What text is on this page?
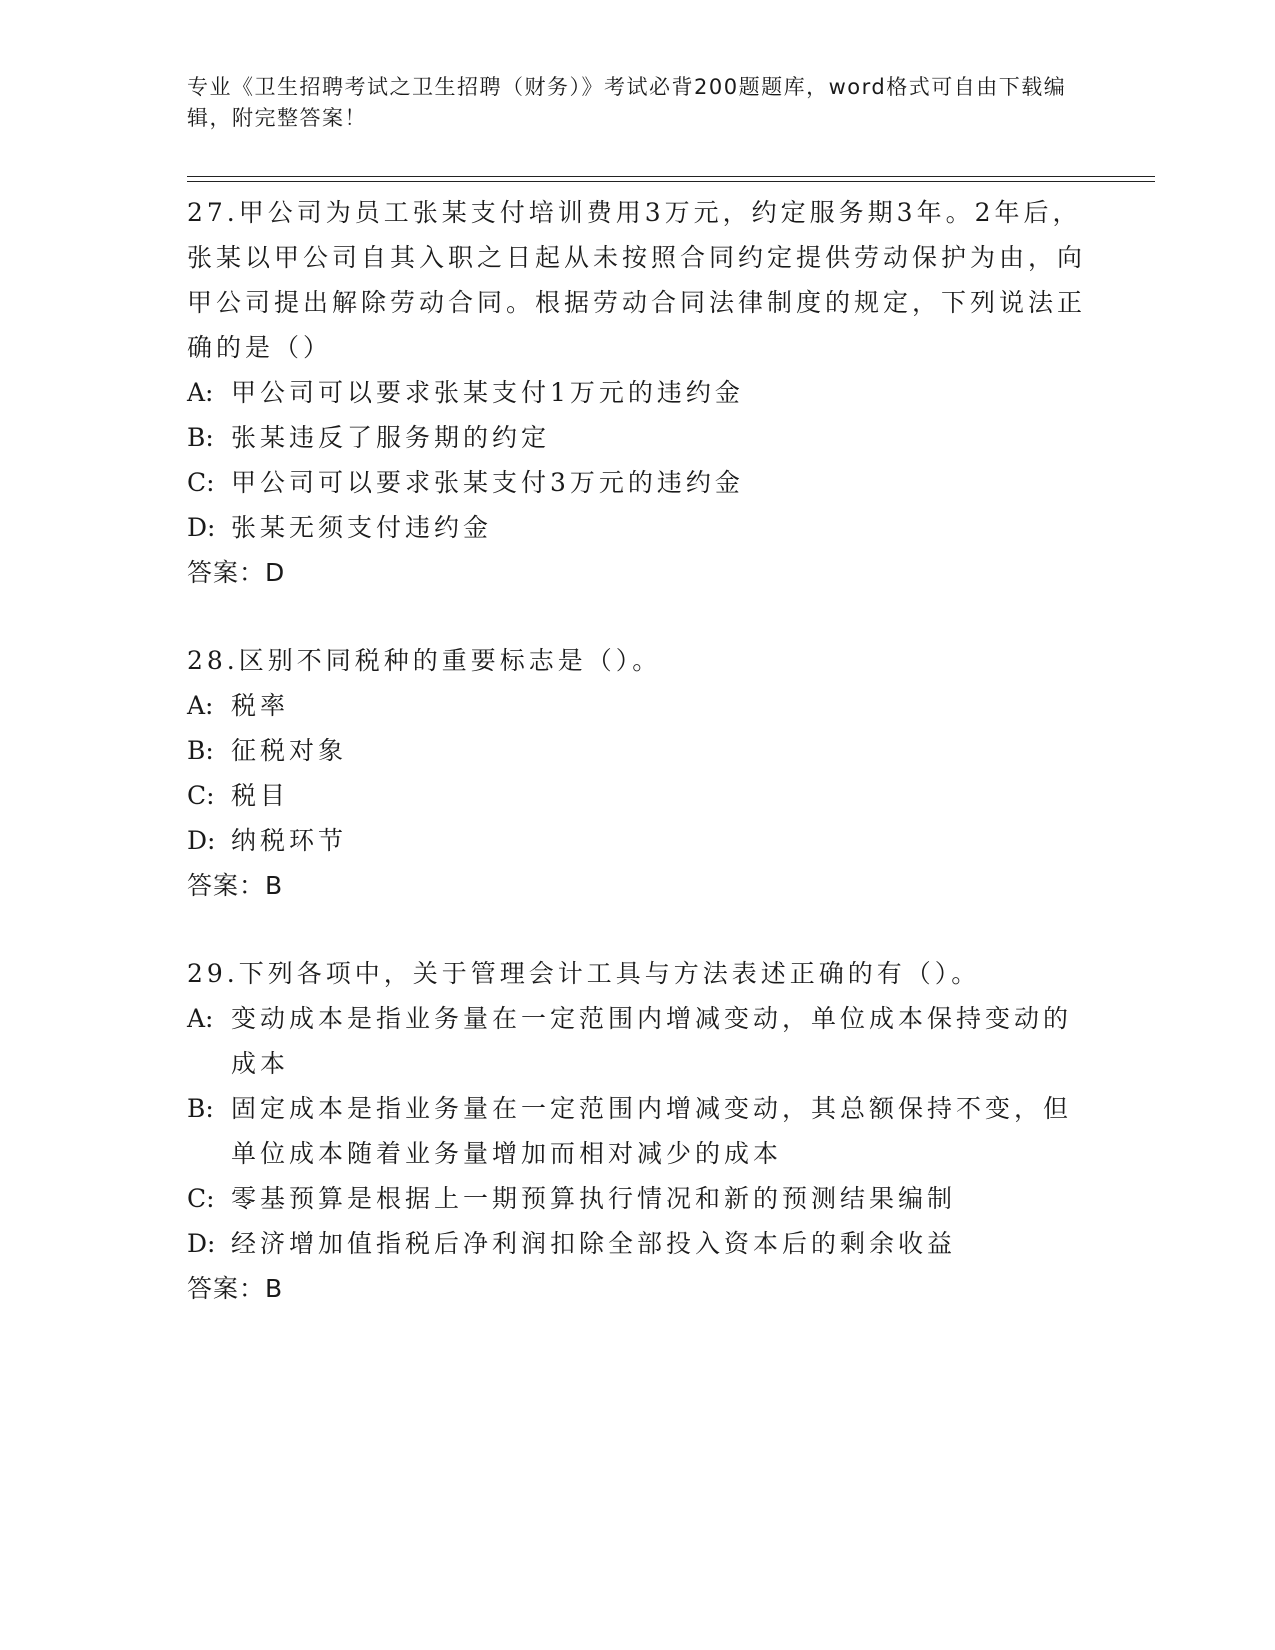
专业《卫生招聘考试之卫生招聘（财务）》考试必背200题题库，word格式可自由下载编辑，附完整答案！
27.甲公司为员工张某支付培训费用3万元，约定服务期3年。2年后，张某以甲公司自其入职之日起从未按照合同约定提供劳动保护为由，向甲公司提出解除劳动合同。根据劳动合同法律制度的规定，下列说法正确的是（）
A: 甲公司可以要求张某支付1万元的违约金
B: 张某违反了服务期的约定
C: 甲公司可以要求张某支付3万元的违约金
D: 张某无须支付违约金
答案：D
28.区别不同税种的重要标志是（）。
A: 税率
B: 征税对象
C: 税目
D: 纳税环节
答案：B
29.下列各项中，关于管理会计工具与方法表述正确的有（）。
A: 变动成本是指业务量在一定范围内增减变动，单位成本保持变动的成本
B: 固定成本是指业务量在一定范围内增减变动，其总额保持不变，但单位成本随着业务量增加而相对减少的成本
C: 零基预算是根据上一期预算执行情况和新的预测结果编制
D: 经济增加值指税后净利润扣除全部投入资本后的剩余收益
答案：B
